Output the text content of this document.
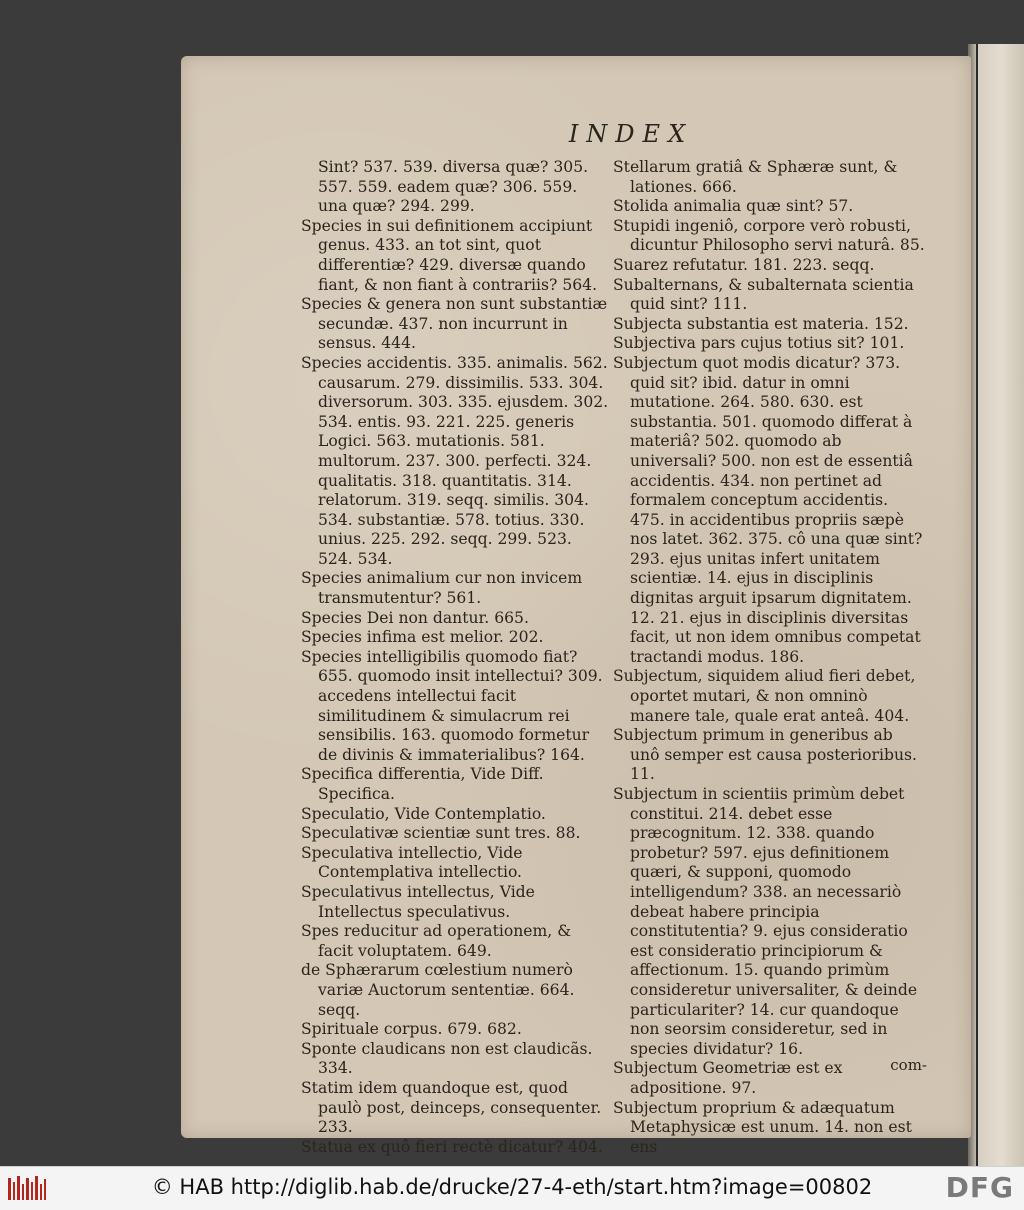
INDEX

Sint? 537. 539. diversa quæ? 305. 557. 559. eadem quæ? 306. 559. una quæ? 294. 299.

Species in sui definitionem accipiunt genus. 433. an tot sint, quot differentiæ? 429. diversæ quando fiant, & non fiant à contrariis? 564.

Species & genera non sunt substantiæ secundæ. 437. non incurrunt in sensus. 444.

Species accidentis. 335. animalis. 562. causarum. 279. dissimilis. 533. 304. diversorum. 303. 335. ejusdem. 302. 534. entis. 93. 221. 225. generis Logici. 563. mutationis. 581. multorum. 237. 300. perfecti. 324. qualitatis. 318. quantitatis. 314. relatorum. 319. seqq. similis. 304. 534. substantiæ. 578. totius. 330. unius. 225. 292. seqq. 299. 523. 524. 534.

Species animalium cur non invicem transmutentur? 561.

Species Dei non dantur. 665.

Species infima est melior. 202.

Species intelligibilis quomodo fiat? 655. quomodo insit intellectui? 309. accedens intellectui facit similitudinem & simulacrum rei sensibilis. 163. quomodo formetur de divinis & immaterialibus? 164.

Specifica differentia, Vide Diff. Specifica.

Speculatio, Vide Contemplatio.

Speculativæ scientiæ sunt tres. 88.

Speculativa intellectio, Vide Contemplativa intellectio.

Speculativus intellectus, Vide Intellectus speculativus.

Spes reducitur ad operationem, & facit voluptatem. 649.

de Sphærarum cœlestium numerò variæ Auctorum sententiæ. 664. seqq.

Spirituale corpus. 679. 682.

Sponte claudicans non est claudicãs. 334.

Statim idem quandoque est, quod paulò post, deinceps, consequenter. 233.

Statua ex quô fieri rectè dicatur? 404.

Stellarum gratiâ & Sphæræ sunt, & lationes. 666.

Stolida animalia quæ sint? 57.

Stupidi ingeniô, corpore verò robusti, dicuntur Philosopho servi naturâ. 85.

Suarez refutatur. 181. 223. seqq.

Subalternans, & subalternata scientia quid sint? 111.

Subjecta substantia est materia. 152.

Subjectiva pars cujus totius sit? 101.

Subjectum quot modis dicatur? 373. quid sit? ibid. datur in omni mutatione. 264. 580. 630. est substantia. 501. quomodo differat à materiâ? 502. quomodo ab universali? 500. non est de essentiâ accidentis. 434. non pertinet ad formalem conceptum accidentis. 475. in accidentibus propriis sæpè nos latet. 362. 375. cô una quæ sint? 293. ejus unitas infert unitatem scientiæ. 14. ejus in disciplinis dignitas arguit ipsarum dignitatem. 12. 21. ejus in disciplinis diversitas facit, ut non idem omnibus competat tractandi modus. 186.

Subjectum, siquidem aliud fieri debet, oportet mutari, & non omninò manere tale, quale erat anteâ. 404.

Subjectum primum in generibus ab unô semper est causa posterioribus. 11.

Subjectum in scientiis primùm debet constitui. 214. debet esse præcognitum. 12. 338. quando probetur? 597. ejus definitionem quæri, & supponi, quomodo intelligendum? 338. an necessariò debeat habere principia constitutentia? 9. ejus consideratio est consideratio principiorum & affectionum. 15. quando primùm consideretur universaliter, & deinde particulariter? 14. cur quandoque non seorsim consideretur, sed in species dividatur? 16.

Subjectum Geometriæ est ex adpositione. 97.

Subjectum proprium & adæquatum Metaphysicæ est unum. 14. non est ens

com-
© HAB http://diglib.hab.de/drucke/27-4-eth/start.htm?image=00802	DFG
